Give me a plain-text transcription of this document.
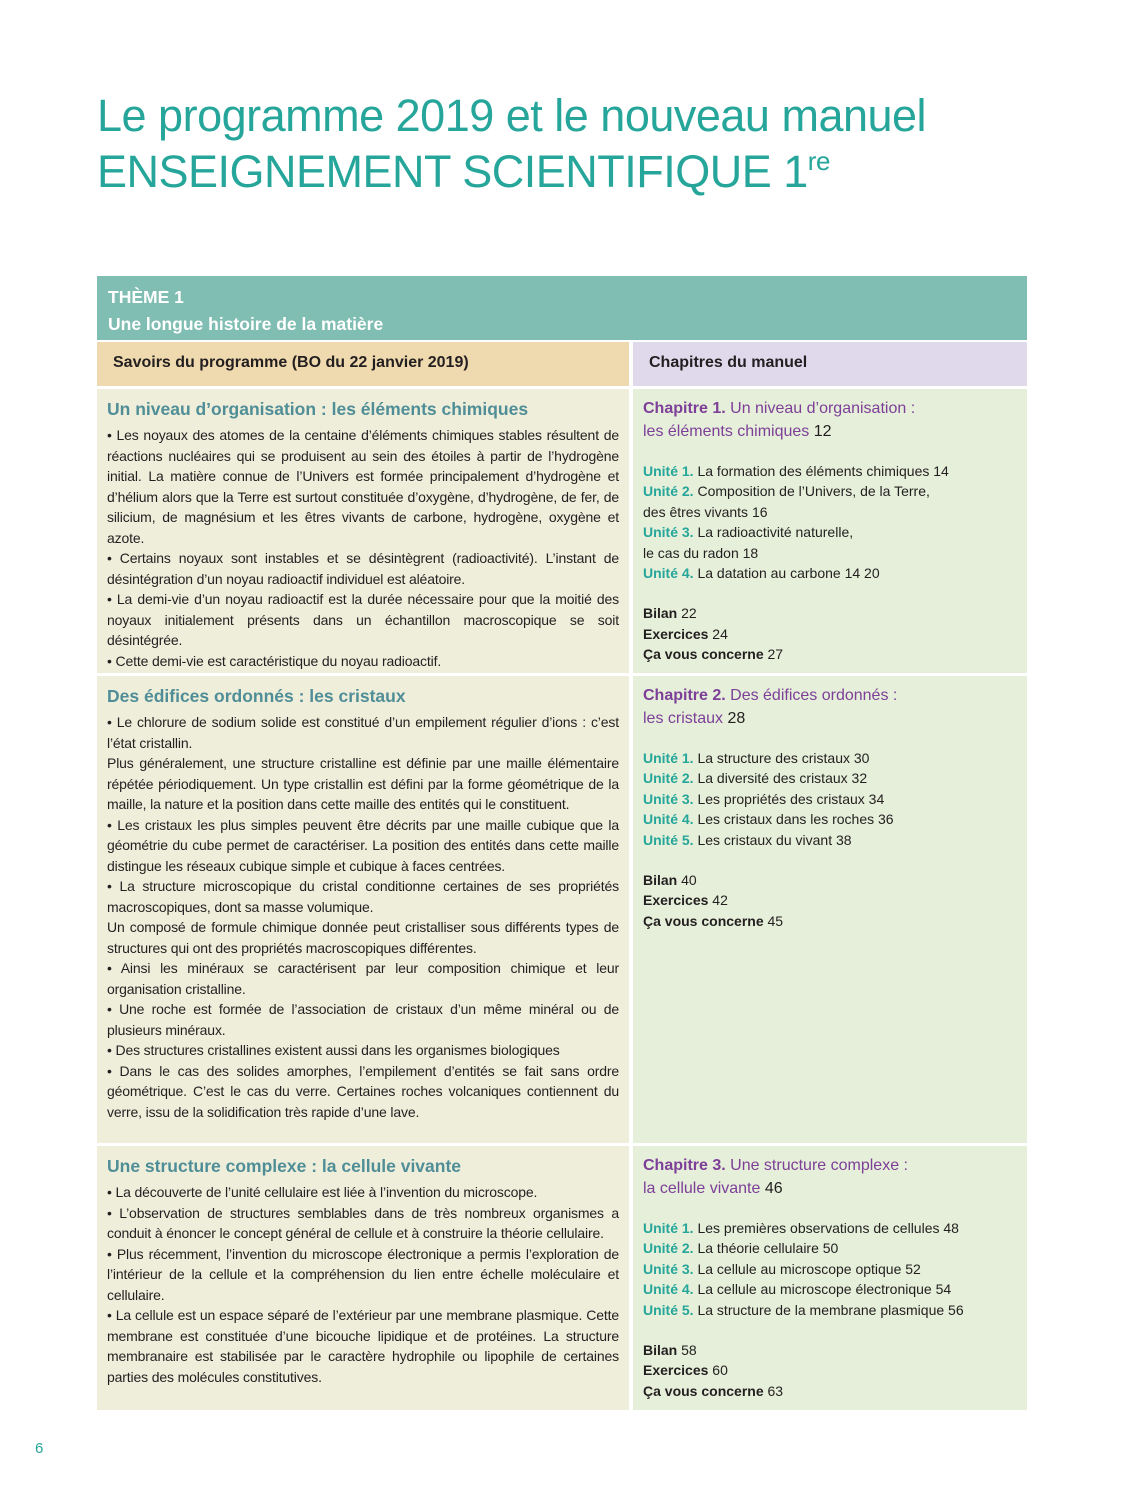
Le programme 2019 et le nouveau manuel
ENSEIGNEMENT SCIENTIFIQUE 1re
THÈME 1
Une longue histoire de la matière
Savoirs du programme (BO du 22 janvier 2019)	Chapitres du manuel
Un niveau d’organisation : les éléments chimiques

• Les noyaux des atomes de la centaine d’éléments chimiques stables résultent de réactions nucléaires qui se produisent au sein des étoiles à partir de l’hydrogène initial. La matière connue de l’Univers est formée principalement d’hydrogène et d’hélium alors que la Terre est surtout constituée d’oxygène, d’hydrogène, de fer, de silicium, de magnésium et les êtres vivants de carbone, hydrogène, oxygène et azote.

• Certains noyaux sont instables et se désintègrent (radioactivité). L’instant de désintégration d’un noyau radioactif individuel est aléatoire.

• La demi-vie d’un noyau radioactif est la durée nécessaire pour que la moitié des noyaux initialement présents dans un échantillon macroscopique se soit désintégrée.

• Cette demi-vie est caractéristique du noyau radioactif.

Chapitre 1. Un niveau d’organisation :
les éléments chimiques 12

Unité 1. La formation des éléments chimiques 14

Unité 2. Composition de l’Univers, de la Terre,
des êtres vivants 16

Unité 3. La radioactivité naturelle,
le cas du radon 18

Unité 4. La datation au carbone 14 20

Bilan 22

Exercices 24

Ça vous concerne 27

Des édifices ordonnés : les cristaux

• Le chlorure de sodium solide est constitué d’un empilement régulier d’ions : c’est l’état cristallin.

Plus généralement, une structure cristalline est définie par une maille élémentaire répétée périodiquement. Un type cristallin est défini par la forme géométrique de la maille, la nature et la position dans cette maille des entités qui le constituent.

• Les cristaux les plus simples peuvent être décrits par une maille cubique que la géométrie du cube permet de caractériser. La position des entités dans cette maille distingue les réseaux cubique simple et cubique à faces centrées.

• La structure microscopique du cristal conditionne certaines de ses propriétés macroscopiques, dont sa masse volumique.

Un composé de formule chimique donnée peut cristalliser sous différents types de structures qui ont des propriétés macroscopiques différentes.

• Ainsi les minéraux se caractérisent par leur composition chimique et leur organisation cristalline.

• Une roche est formée de l’association de cristaux d’un même minéral ou de plusieurs minéraux.

• Des structures cristallines existent aussi dans les organismes biologiques

• Dans le cas des solides amorphes, l’empilement d’entités se fait sans ordre géométrique. C’est le cas du verre. Certaines roches volcaniques contiennent du verre, issu de la solidification très rapide d’une lave.

Chapitre 2. Des édifices ordonnés :
les cristaux 28

Unité 1. La structure des cristaux 30

Unité 2. La diversité des cristaux 32

Unité 3. Les propriétés des cristaux 34

Unité 4. Les cristaux dans les roches 36

Unité 5. Les cristaux du vivant 38

Bilan 40

Exercices 42

Ça vous concerne 45

Une structure complexe : la cellule vivante

• La découverte de l’unité cellulaire est liée à l’invention du microscope.

• L’observation de structures semblables dans de très nombreux organismes a conduit à énoncer le concept général de cellule et à construire la théorie cellulaire.

• Plus récemment, l’invention du microscope électronique a permis l’exploration de l’intérieur de la cellule et la compréhension du lien entre échelle moléculaire et cellulaire.

• La cellule est un espace séparé de l’extérieur par une membrane plasmique. Cette membrane est constituée d’une bicouche lipidique et de protéines. La structure membranaire est stabilisée par le caractère hydrophile ou lipophile de certaines parties des molécules constitutives.

Chapitre 3. Une structure complexe :
la cellule vivante 46

Unité 1. Les premières observations de cellules 48

Unité 2. La théorie cellulaire 50

Unité 3. La cellule au microscope optique 52

Unité 4. La cellule au microscope électronique 54

Unité 5. La structure de la membrane plasmique 56

Bilan 58

Exercices 60

Ça vous concerne 63

6
